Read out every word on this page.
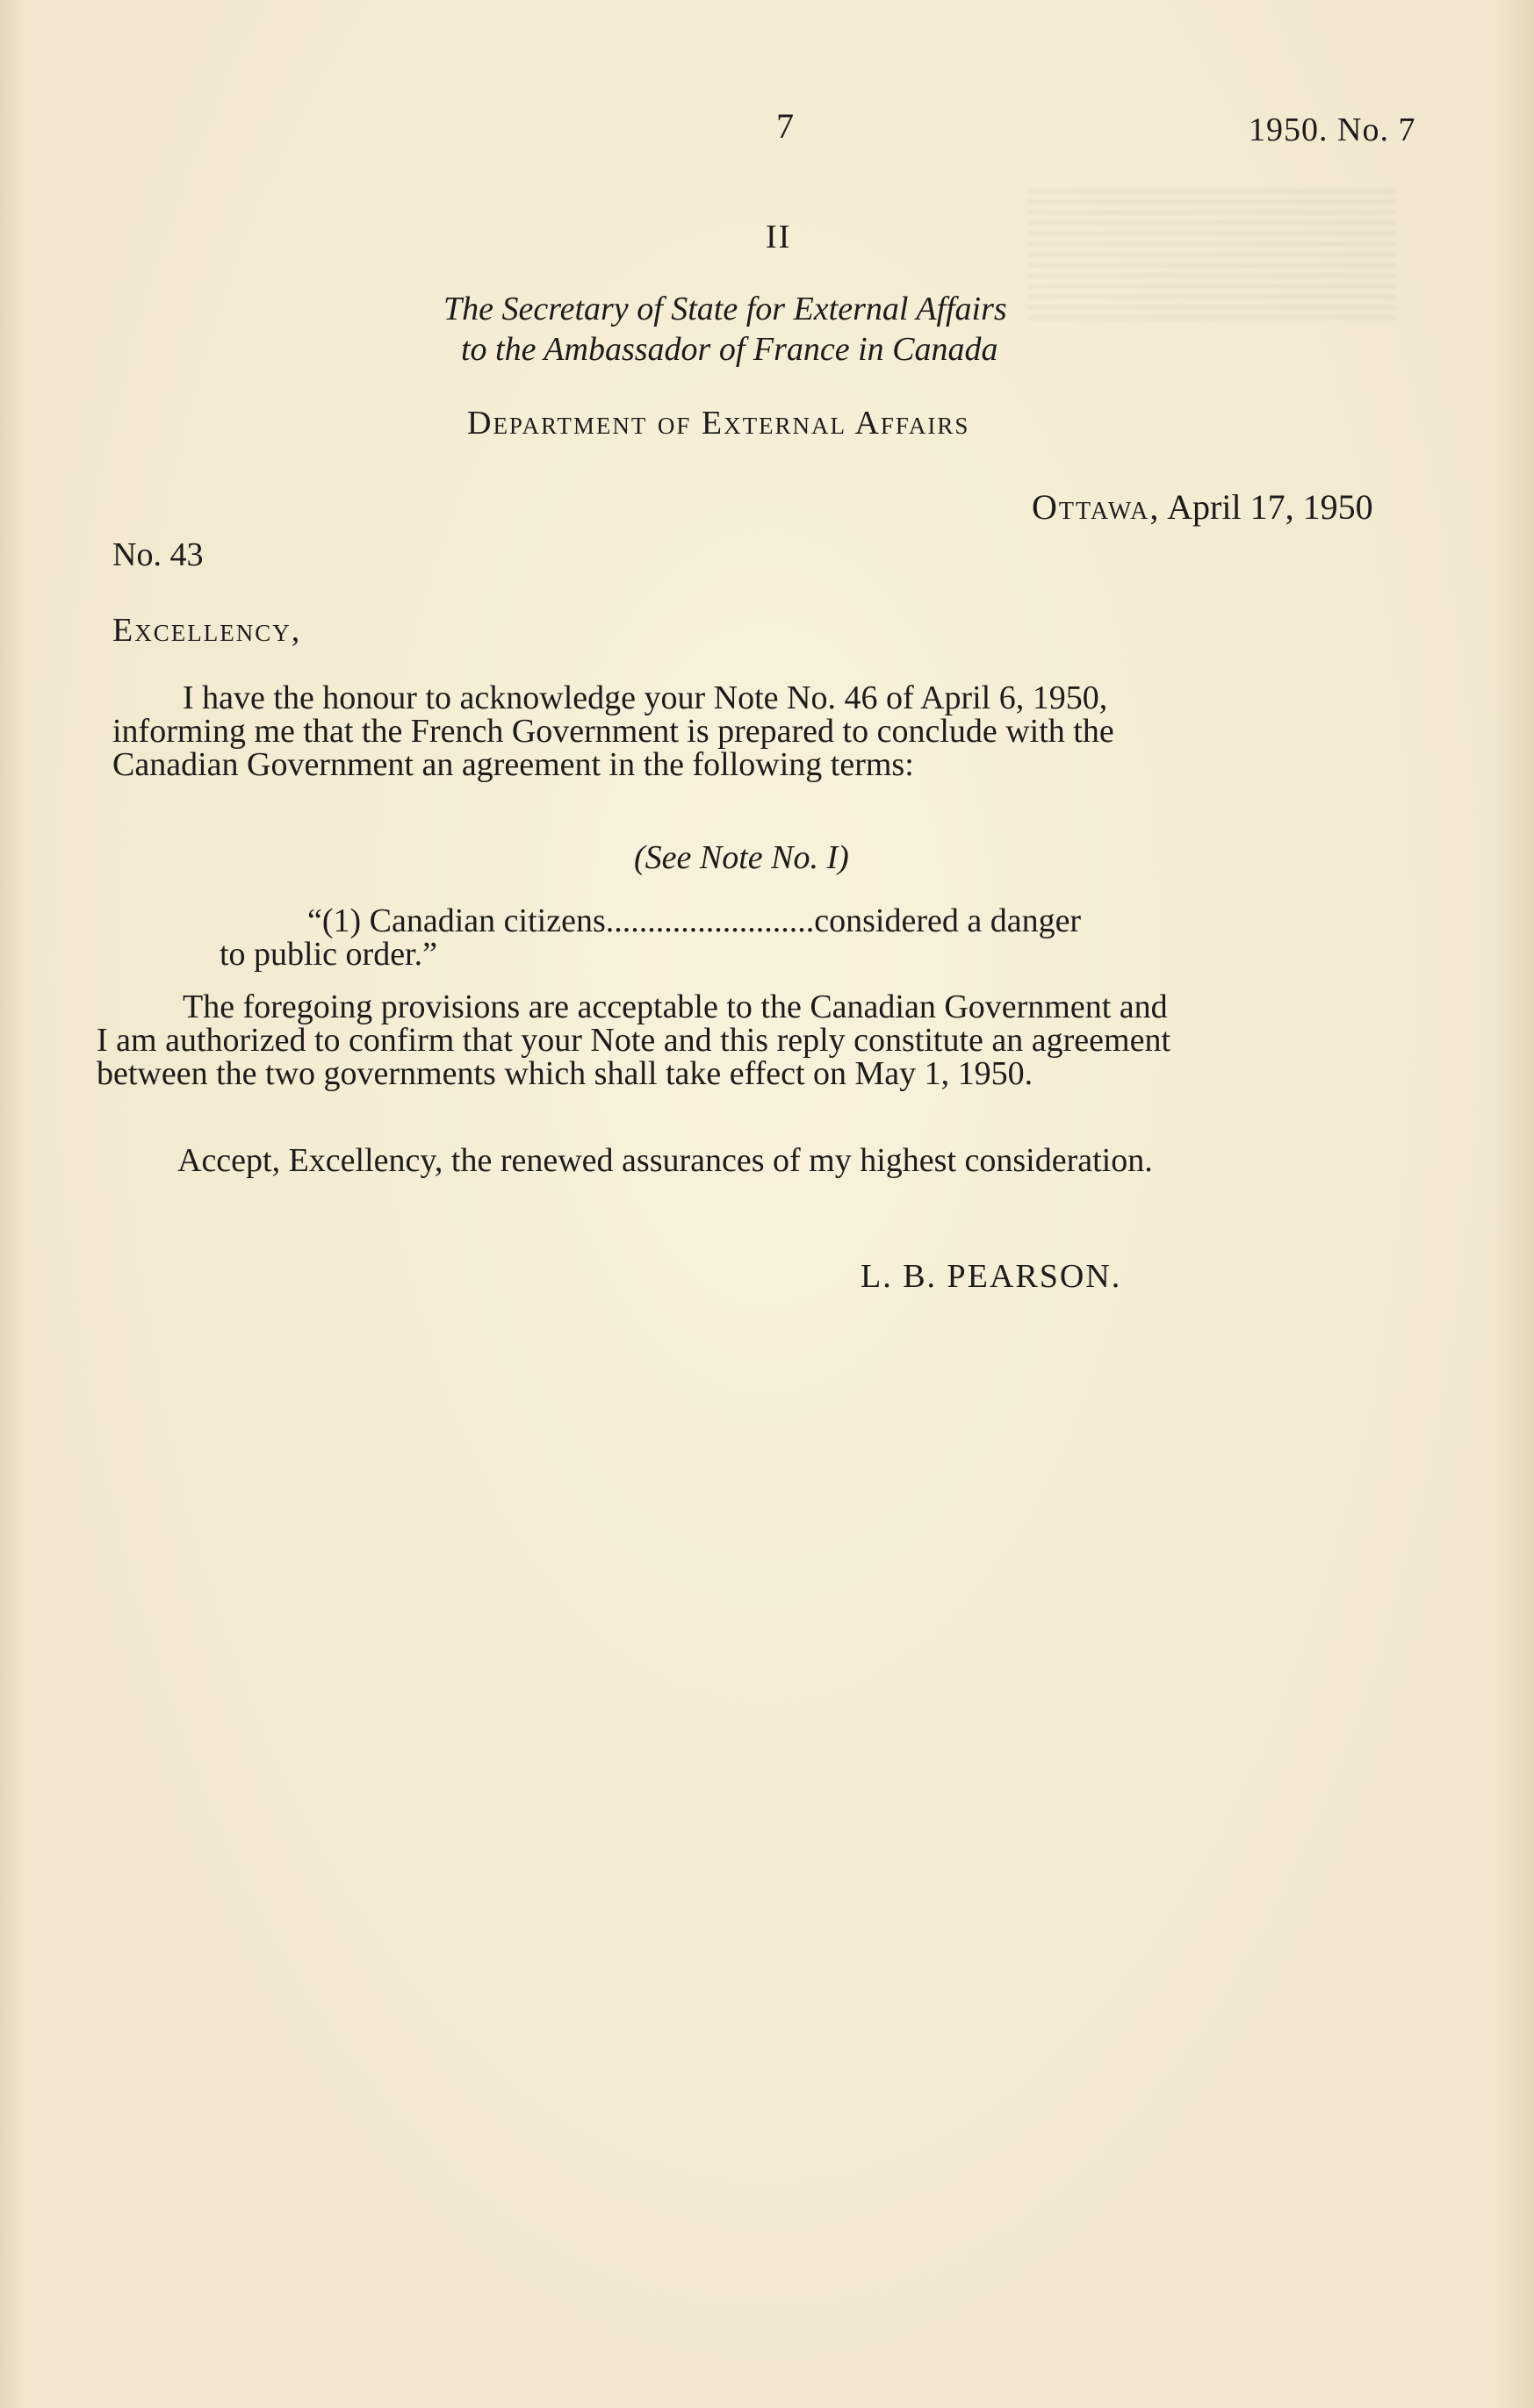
7	1950. No. 7
II
The Secretary of State for External Affairs
to the Ambassador of France in Canada
Department of External Affairs
Ottawa, April 17, 1950
No. 43
Excellency,
I have the honour to acknowledge your Note No. 46 of April 6, 1950,
informing me that the French Government is prepared to conclude with the
Canadian Government an agreement in the following terms:
(See Note No. I)
“(1) Canadian citizens.........................considered a danger
to public order.”
The foregoing provisions are acceptable to the Canadian Government and
I am authorized to confirm that your Note and this reply constitute an agreement
between the two governments which shall take effect on May 1, 1950.
Accept, Excellency, the renewed assurances of my highest consideration.
L. B. PEARSON.
